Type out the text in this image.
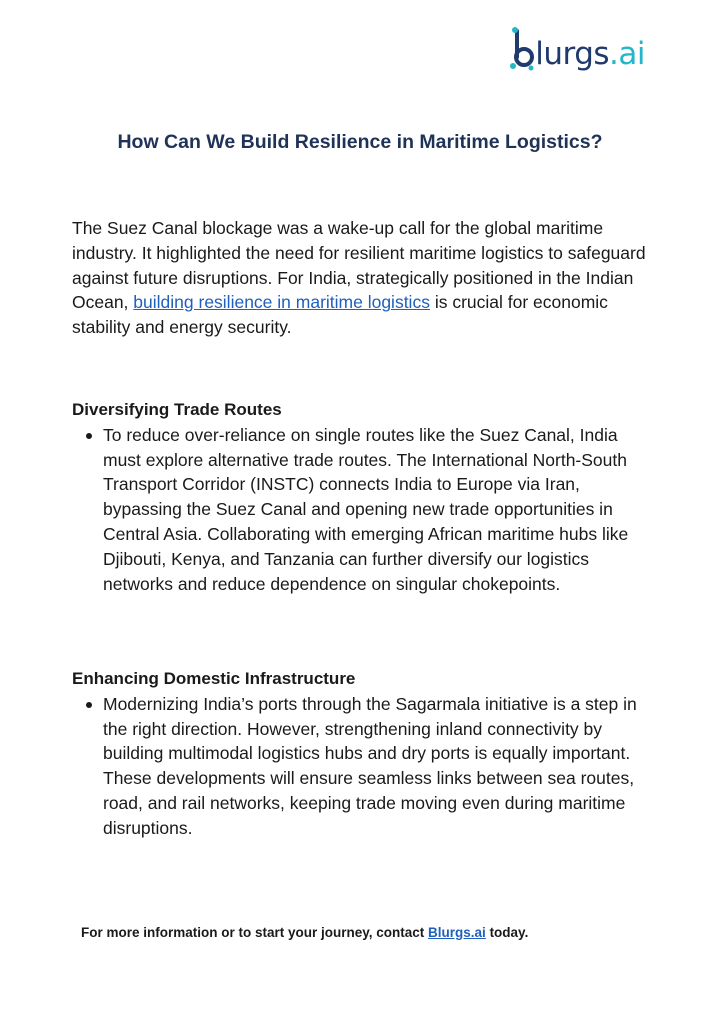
lurgs.ai
How Can We Build Resilience in Maritime Logistics?

The Suez Canal blockage was a wake-up call for the global maritime industry. It highlighted the need for resilient maritime logistics to safeguard against future disruptions. For India, strategically positioned in the Indian Ocean, building resilience in maritime logistics is crucial for economic stability and energy security.

Diversifying Trade Routes
To reduce over-reliance on single routes like the Suez Canal, India must explore alternative trade routes. The International North-South Transport Corridor (INSTC) connects India to Europe via Iran, bypassing the Suez Canal and opening new trade opportunities in Central Asia. Collaborating with emerging African maritime hubs like Djibouti, Kenya, and Tanzania can further diversify our logistics networks and reduce dependence on singular chokepoints.
Enhancing Domestic Infrastructure
Modernizing India’s ports through the Sagarmala initiative is a step in the right direction. However, strengthening inland connectivity by building multimodal logistics hubs and dry ports is equally important. These developments will ensure seamless links between sea routes, road, and rail networks, keeping trade moving even during maritime disruptions.

For more information or to start your journey, contact Blurgs.ai today.
